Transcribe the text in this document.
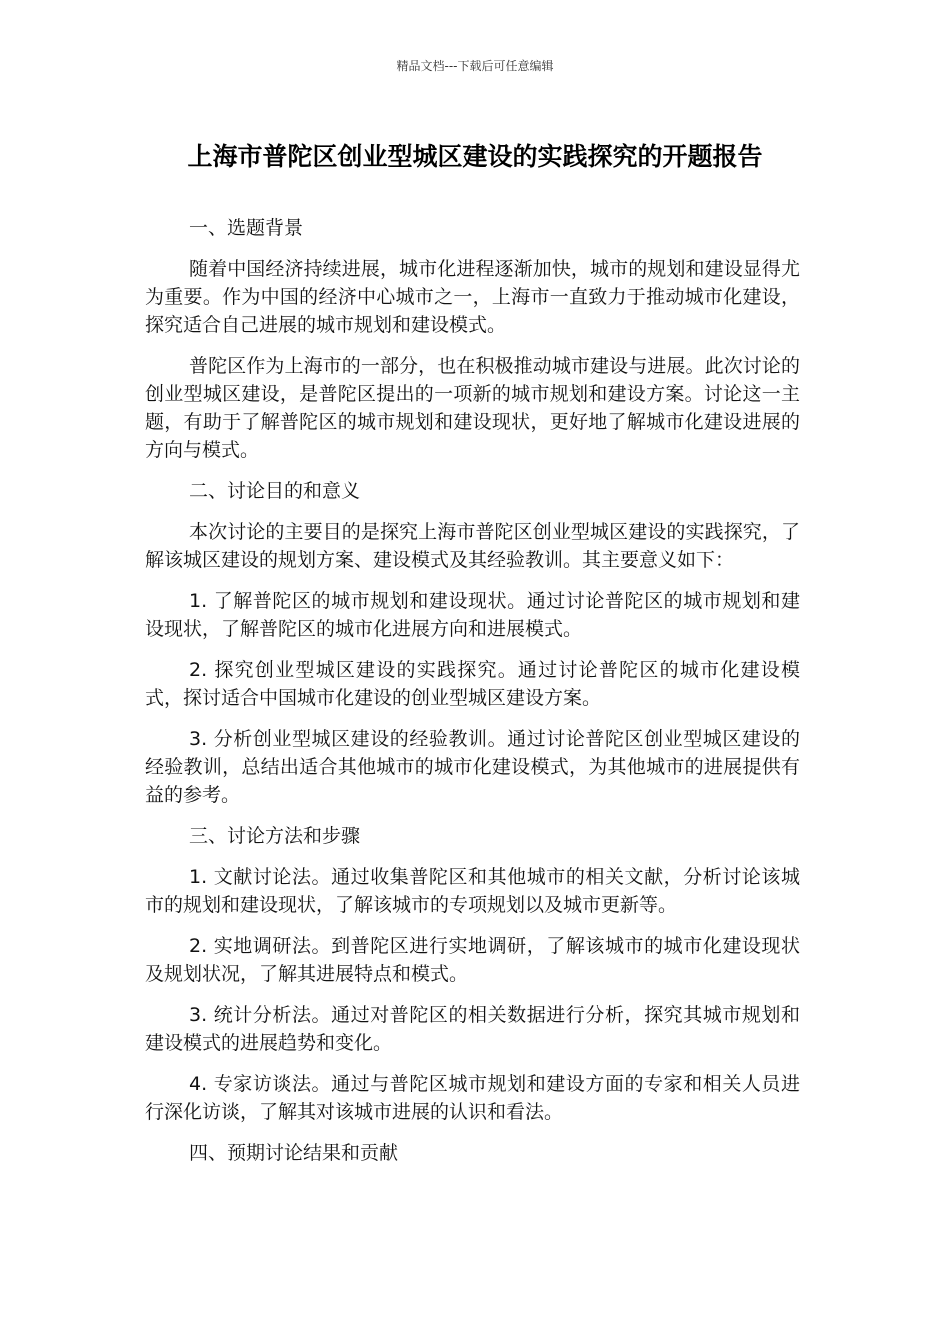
精品文档---下载后可任意编辑
上海市普陀区创业型城区建设的实践探究的开题报告
一、选题背景

随着中国经济持续进展，城市化进程逐渐加快，城市的规划和建设显得尤为重要。作为中国的经济中心城市之一，上海市一直致力于推动城市化建设，探究适合自己进展的城市规划和建设模式。

普陀区作为上海市的一部分，也在积极推动城市建设与进展。此次讨论的创业型城区建设，是普陀区提出的一项新的城市规划和建设方案。讨论这一主题，有助于了解普陀区的城市规划和建设现状，更好地了解城市化建设进展的方向与模式。

二、讨论目的和意义

本次讨论的主要目的是探究上海市普陀区创业型城区建设的实践探究，了解该城区建设的规划方案、建设模式及其经验教训。其主要意义如下：

1. 了解普陀区的城市规划和建设现状。通过讨论普陀区的城市规划和建设现状，了解普陀区的城市化进展方向和进展模式。

2. 探究创业型城区建设的实践探究。通过讨论普陀区的城市化建设模式，探讨适合中国城市化建设的创业型城区建设方案。

3. 分析创业型城区建设的经验教训。通过讨论普陀区创业型城区建设的经验教训，总结出适合其他城市的城市化建设模式，为其他城市的进展提供有益的参考。

三、讨论方法和步骤

1. 文献讨论法。通过收集普陀区和其他城市的相关文献，分析讨论该城市的规划和建设现状，了解该城市的专项规划以及城市更新等。

2. 实地调研法。到普陀区进行实地调研，了解该城市的城市化建设现状及规划状况，了解其进展特点和模式。

3. 统计分析法。通过对普陀区的相关数据进行分析，探究其城市规划和建设模式的进展趋势和变化。

4. 专家访谈法。通过与普陀区城市规划和建设方面的专家和相关人员进行深化访谈，了解其对该城市进展的认识和看法。

四、预期讨论结果和贡献
